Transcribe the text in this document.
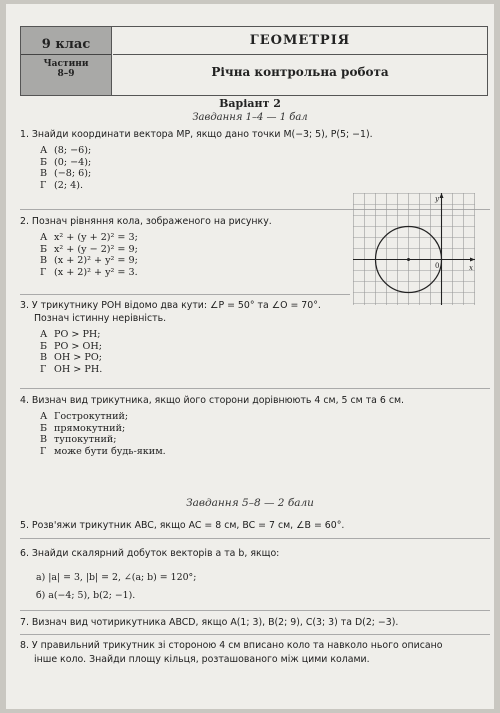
9 клас
Частини
8–9
ГЕОМЕТРІЯ
Річна контрольна робота
Варіант 2
Завдання 1–4 — 1 бал
1. Знайди координати вектора MP, якщо дано точки M(−3; 5), P(5; −1).
А (8; −6);
Б (0; −4);
В (−8; 6);
Г (2; 4).
2. Познач рівняння кола, зображеного на рисунку.
А x² + (y + 2)² = 3;
Б x² + (y − 2)² = 9;
В (x + 2)² + y² = 9;
Г (x + 2)² + y² = 3.
y
x
0
3. У трикутнику POH відомо два кути: ∠P = 50° та ∠O = 70°.
Познач істинну нерівність.
А PO > PH;
Б PO > OH;
В OH > PO;
Г OH > PH.
4. Визнач вид трикутника, якщо його сторони дорівнюють 4 см, 5 см та 6 см.
А Гострокутний;
Б прямокутний;
В тупокутний;
Г може бути будь-яким.
Завдання 5–8 — 2 бали
5. Розв'яжи трикутник ABC, якщо AC = 8 см, BC = 7 см, ∠B = 60°.
6. Знайди скалярний добуток векторів a та b, якщо:
а) |a| = 3, |b| = 2, ∠(a; b) = 120°;
б) a(−4; 5), b(2; −1).
7. Визнач вид чотирикутника ABCD, якщо A(1; 3), B(2; 9), C(3; 3) та D(2; −3).
8. У правильний трикутник зі стороною 4 см вписано коло та навколо нього описано
інше коло. Знайди площу кільця, розташованого між цими колами.
